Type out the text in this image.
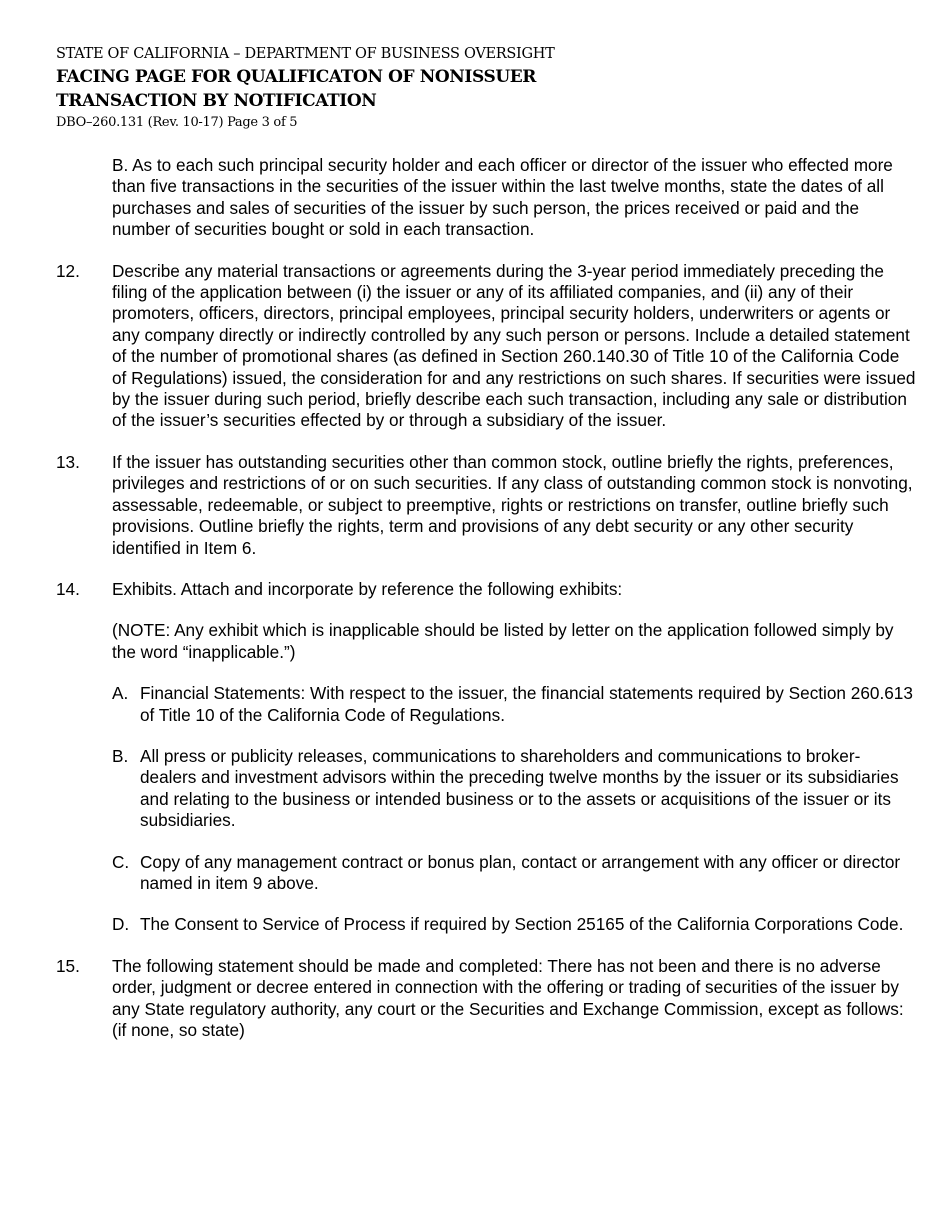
STATE OF CALIFORNIA – DEPARTMENT OF BUSINESS OVERSIGHT
FACING PAGE FOR QUALIFICATON OF NONISSUER
TRANSACTION BY NOTIFICATION
DBO–260.131 (Rev. 10-17) Page 3 of 5

B. As to each such principal security holder and each officer or director of the issuer who effected more than five transactions in the securities of the issuer within the last twelve months, state the dates of all purchases and sales of securities of the issuer by such person, the prices received or paid and the number of securities bought or sold in each transaction.

12. Describe any material transactions or agreements during the 3-year period immediately preceding the filing of the application between (i) the issuer or any of its affiliated companies, and (ii) any of their promoters, officers, directors, principal employees, principal security holders, underwriters or agents or any company directly or indirectly controlled by any such person or persons. Include a detailed statement of the number of promotional shares (as defined in Section 260.140.30 of Title 10 of the California Code of Regulations) issued, the consideration for and any restrictions on such shares. If securities were issued by the issuer during such period, briefly describe each such transaction, including any sale or distribution of the issuer’s securities effected by or through a subsidiary of the issuer.

13. If the issuer has outstanding securities other than common stock, outline briefly the rights, preferences, privileges and restrictions of or on such securities. If any class of outstanding common stock is nonvoting, assessable, redeemable, or subject to preemptive, rights or restrictions on transfer, outline briefly such provisions. Outline briefly the rights, term and provisions of any debt security or any other security identified in Item 6.

14. Exhibits. Attach and incorporate by reference the following exhibits:

(NOTE: Any exhibit which is inapplicable should be listed by letter on the application followed simply by the word “inapplicable.”)

A. Financial Statements: With respect to the issuer, the financial statements required by Section 260.613 of Title 10 of the California Code of Regulations.

B. All press or publicity releases, communications to shareholders and communications to broker-dealers and investment advisors within the preceding twelve months by the issuer or its subsidiaries and relating to the business or intended business or to the assets or acquisitions of the issuer or its subsidiaries.

C. Copy of any management contract or bonus plan, contact or arrangement with any officer or director named in item 9 above.

D. The Consent to Service of Process if required by Section 25165 of the California Corporations Code.

15. The following statement should be made and completed: There has not been and there is no adverse order, judgment or decree entered in connection with the offering or trading of securities of the issuer by any State regulatory authority, any court or the Securities and Exchange Commission, except as follows: (if none, so state)
